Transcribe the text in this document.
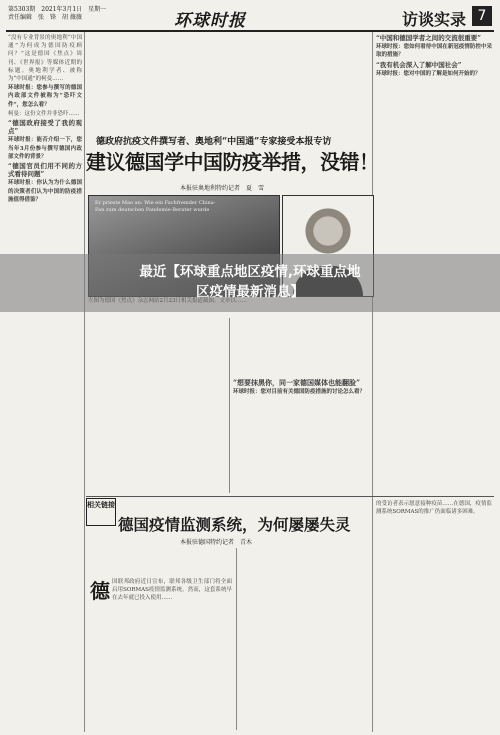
第5303期　2021年3月1日　星期一
责任编辑　张　锋　胡 薇薇	环球时报	访谈实录 7

“没有专业背景的奥地利“中国通”为何成为德国防疫顾问？”这是德国《焦点》周刊、《世界报》等媒体近期的标题。奥地利学者、被称为“中国通”的柯曼……

环球时报：您参与撰写的德国内政部文件被称为“恐吓文件”，您怎么看？

柯曼：这份文件并非恐吓……

“德国政府接受了我的观点”

环球时报：能否介绍一下，您当年3月份参与撰写德国内政部文件的背景？

“德国官员们用不同的方式看待问题”

环球时报：你认为为什么德国的决策者们认为中国的防疫措施值得借鉴？

“中国和德国学者之间的交流很重要”

环球时报：您如何看待中国在新冠疫情防控中采取的措施？

“我有机会深入了解中国社会”

环球时报：您对中国的了解是如何开始的？

德政府抗疫文件撰写者、奥地利“中国通”专家接受本报专访
建议德国学中国防疫举措，没错！
本报驻奥地利特约记者　夏　雪
Er prieste Mao an: Wie ein Fachfremder China-
Fan zum deutschen Pandemie-Berater wurde
最近【环球重点地区疫情,环球重点地
区疫情最新消息】

“想要抹黑你，同一家德国媒体也能翻脸”

环球时报：您对目前有关德国防疫措施的讨论怎么看？

相关链接
德国疫情监测系统，为何屡屡失灵
本报驻德国特约记者　青木
德 国联邦政府近日宣布，联邦各级卫生部门将全面启用SORMAS疫情监测系统。然而，这套系统早在去年就已投入使用……
的受访者表示愿意接种疫苗……在德国，疫情监测系统SORMAS的推广仍面临诸多困难。
